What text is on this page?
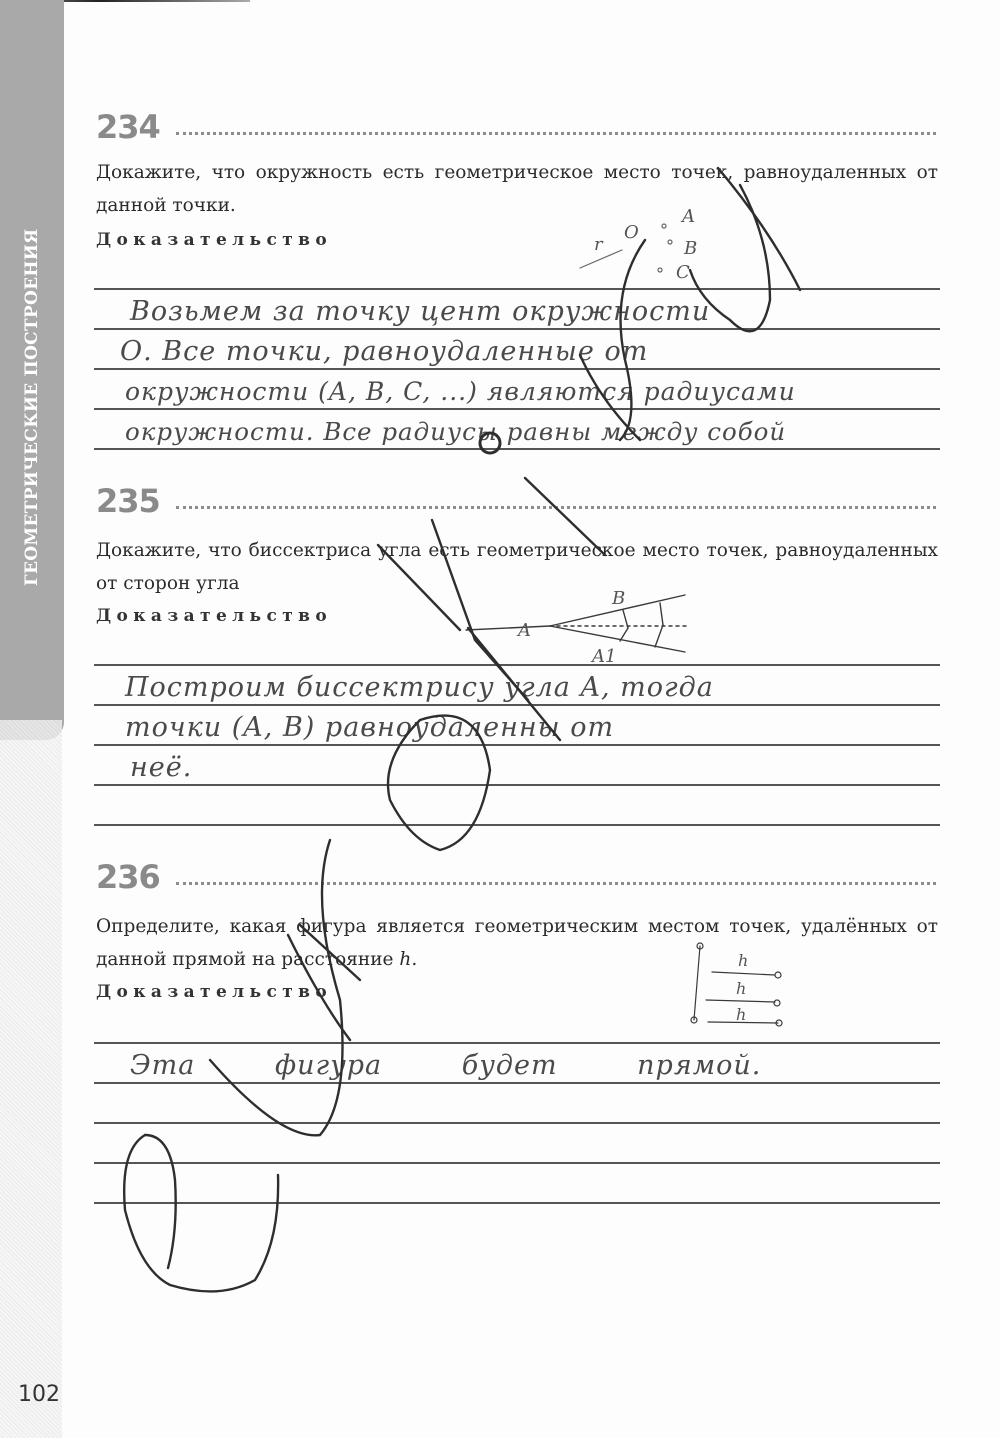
ГЕОМЕТРИЧЕСКИЕ ПОСТРОЕНИЯ
234
Докажите, что окружность есть геометрическое место точек, равноудаленных от данной точки.
Доказательство
Возьмем за точку цент окружности
О. Все точки, равноудаленные от
окружности (A, B, C, ...) являются радиусами
окружности. Все радиусы равны между собой
235
Докажите, что биссектриса угла есть геометрическое место точек, равноудаленных от сторон угла
Доказательство
Построим биссектрису угла A, тогда
точки (A, B) равноудаленны от
неё.
236
Определите, какая фигура является геометрическим местом точек, удалённых от данной прямой на расстояние h.
Доказательство
Эта фигура будет прямой.
102
r
O
A
B
C
A
B
A1
h
h
h
